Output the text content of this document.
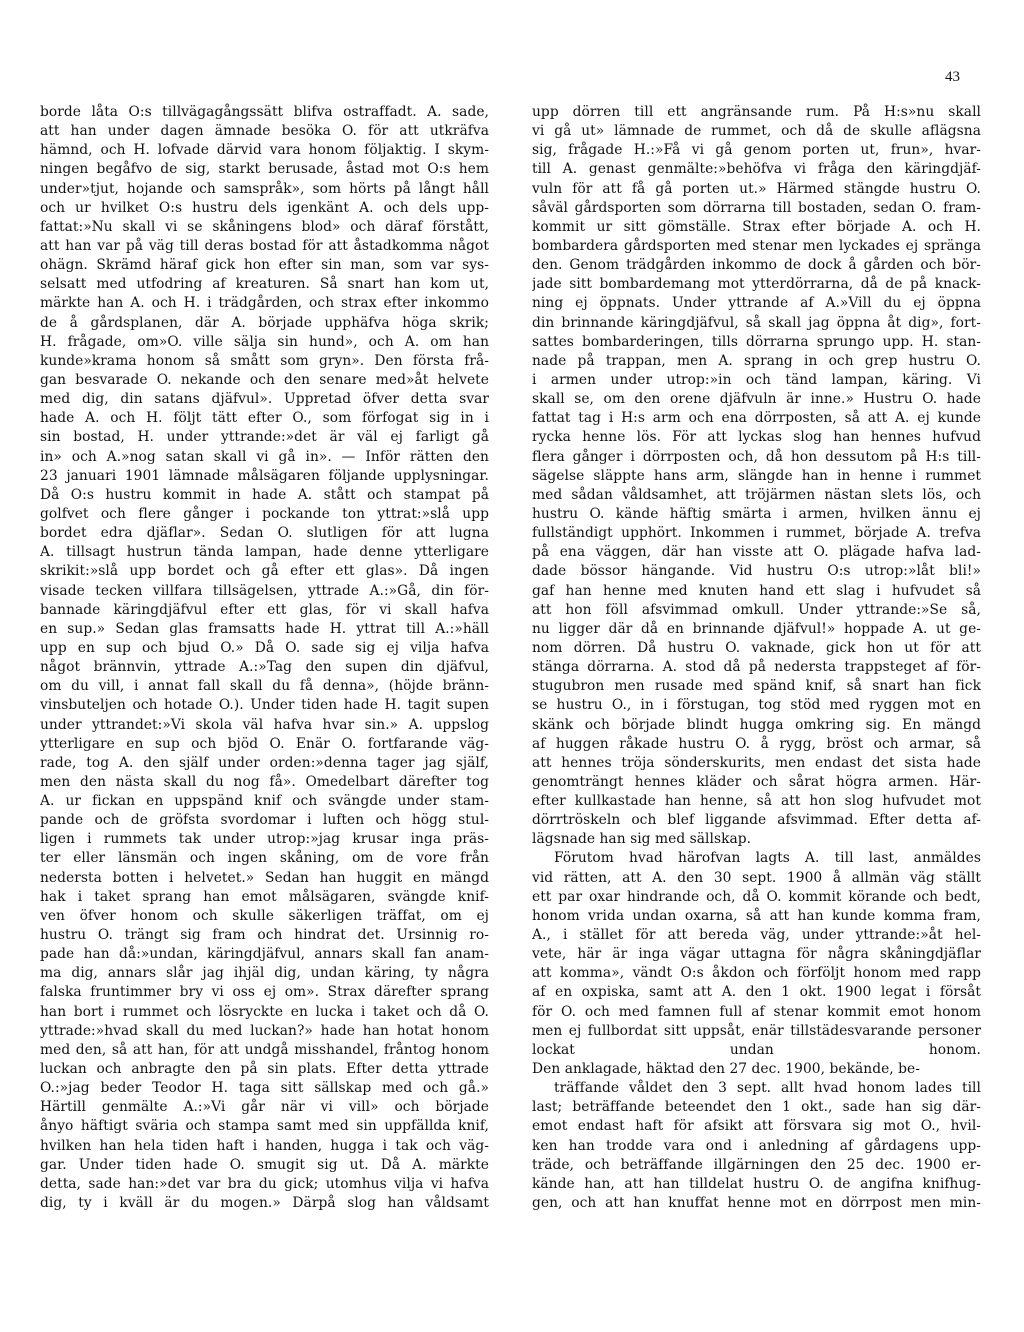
43
borde låta O:s tillvägagångssätt blifva ostraffadt. A. sade,
att han under dagen ämnade besöka O. för att utkräfva
hämnd, och H. lofvade därvid vara honom följaktig. I skym-
ningen begåfvo de sig, starkt berusade, åstad mot O:s hem
under»tjut, hojande och samspråk», som hörts på långt håll
och ur hvilket O:s hustru dels igenkänt A. och dels upp-
fattat:»Nu skall vi se skåningens blod» och däraf förstått,
att han var på väg till deras bostad för att åstadkomma något
ohägn. Skrämd häraf gick hon efter sin man, som var sys-
selsatt med utfodring af kreaturen. Så snart han kom ut,
märkte han A. och H. i trädgården, och strax efter inkommo
de å gårdsplanen, där A. började upphäfva höga skrik;
H. frågade, om»O. ville sälja sin hund», och A. om han
kunde»krama honom så smått som gryn». Den första frå-
gan besvarade O. nekande och den senare med»åt helvete
med dig, din satans djäfvul». Uppretad öfver detta svar
hade A. och H. följt tätt efter O., som förfogat sig in i
sin bostad, H. under yttrande:»det är väl ej farligt gå
in» och A.»nog satan skall vi gå in». — Inför rätten den
23 januari 1901 lämnade målsägaren följande upplysningar.
Då O:s hustru kommit in hade A. stått och stampat på
golfvet och flere gånger i pockande ton yttrat:»slå upp
bordet edra djäflar». Sedan O. slutligen för att lugna
A. tillsagt hustrun tända lampan, hade denne ytterligare
skrikit:»slå upp bordet och gå efter ett glas». Då ingen
visade tecken villfara tillsägelsen, yttrade A.:»Gå, din för-
bannade käringdjäfvul efter ett glas, för vi skall hafva
en sup.» Sedan glas framsatts hade H. yttrat till A.:»häll
upp en sup och bjud O.» Då O. sade sig ej vilja hafva
något brännvin, yttrade A.:»Tag den supen din djäfvul,
om du vill, i annat fall skall du få denna», (höjde bränn-
vinsbuteljen och hotade O.). Under tiden hade H. tagit supen
under yttrandet:»Vi skola väl hafva hvar sin.» A. uppslog
ytterligare en sup och bjöd O. Enär O. fortfarande väg-
rade, tog A. den själf under orden:»denna tager jag själf,
men den nästa skall du nog få». Omedelbart därefter tog
A. ur fickan en uppspänd knif och svängde under stam-
pande och de gröfsta svordomar i luften och högg stul-
ligen i rummets tak under utrop:»jag krusar inga präs-
ter eller länsmän och ingen skåning, om de vore från
nedersta botten i helvetet.» Sedan han huggit en mängd
hak i taket sprang han emot målsägaren, svängde knif-
ven öfver honom och skulle säkerligen träffat, om ej
hustru O. trängt sig fram och hindrat det. Ursinnig ro-
pade han då:»undan, käringdjäfvul, annars skall fan anam-
ma dig, annars slår jag ihjäl dig, undan käring, ty några
falska fruntimmer bry vi oss ej om». Strax därefter sprang
han bort i rummet och lösryckte en lucka i taket och då O.
yttrade:»hvad skall du med luckan?» hade han hotat honom
med den, så att han, för att undgå misshandel, fråntog honom
luckan och anbragte den på sin plats. Efter detta yttrade
O.:»jag beder Teodor H. taga sitt sällskap med och gå.»
Härtill genmälte A.:»Vi går när vi vill» och började
ånyo häftigt sväria och stampa samt med sin uppfällda knif,
hvilken han hela tiden haft i handen, hugga i tak och väg-
gar. Under tiden hade O. smugit sig ut. Då A. märkte
detta, sade han:»det var bra du gick; utomhus vilja vi hafva
dig, ty i kväll är du mogen.» Därpå slog han våldsamt
upp dörren till ett angränsande rum. På H:s»nu skall
vi gå ut» lämnade de rummet, och då de skulle aflägsna
sig, frågade H.:»Få vi gå genom porten ut, frun», hvar-
till A. genast genmälte:»behöfva vi fråga den käringdjäf-
vuln för att få gå porten ut.» Härmed stängde hustru O.
såväl gårdsporten som dörrarna till bostaden, sedan O. fram-
kommit ur sitt gömställe. Strax efter började A. och H.
bombardera gårdsporten med stenar men lyckades ej spränga
den. Genom trädgården inkommo de dock å gården och bör-
jade sitt bombardemang mot ytterdörrarna, då de på knack-
ning ej öppnats. Under yttrande af A.»Vill du ej öppna
din brinnande käringdjäfvul, så skall jag öppna åt dig», fort-
sattes bombarderingen, tills dörrarna sprungo upp. H. stan-
nade på trappan, men A. sprang in och grep hustru O.
i armen under utrop:»in och tänd lampan, käring. Vi
skall se, om den orene djäfvuln är inne.» Hustru O. hade
fattat tag i H:s arm och ena dörrposten, så att A. ej kunde
rycka henne lös. För att lyckas slog han hennes hufvud
flera gånger i dörrposten och, då hon dessutom på H:s till-
sägelse släppte hans arm, slängde han in henne i rummet
med sådan våldsamhet, att tröjärmen nästan slets lös, och
hustru O. kände häftig smärta i armen, hvilken ännu ej
fullständigt upphört. Inkommen i rummet, började A. trefva
på ena väggen, där han visste att O. plägade hafva lad-
dade bössor hängande. Vid hustru O:s utrop:»låt bli!»
gaf han henne med knuten hand ett slag i hufvudet så
att hon föll afsvimmad omkull. Under yttrande:»Se så,
nu ligger där då en brinnande djäfvul!» hoppade A. ut ge-
nom dörren. Då hustru O. vaknade, gick hon ut för att
stänga dörrarna. A. stod då på nedersta trappsteget af för-
stugubron men rusade med spänd knif, så snart han fick
se hustru O., in i förstugan, tog stöd med ryggen mot en
skänk och började blindt hugga omkring sig. En mängd
af huggen råkade hustru O. å rygg, bröst och armar, så
att hennes tröja sönderskurits, men endast det sista hade
genomträngt hennes kläder och sårat högra armen. Här-
efter kullkastade han henne, så att hon slog hufvudet mot
dörrtröskeln och blef liggande afsvimmad. Efter detta af-
lägsnade han sig med sällskap.
Förutom hvad härofvan lagts A. till last, anmäldes
vid rätten, att A. den 30 sept. 1900 å allmän väg ställt
ett par oxar hindrande och, då O. kommit körande och bedt,
honom vrida undan oxarna, så att han kunde komma fram,
A., i stället för att bereda väg, under yttrande:»åt hel-
vete, här är inga vägar uttagna för några skåningdjäflar
att komma», vändt O:s åkdon och förföljt honom med rapp
af en oxpiska, samt att A. den 1 okt. 1900 legat i försåt
för O. och med famnen full af stenar kommit emot honom
men ej fullbordat sitt uppsåt, enär tillstädesvarande personer
lockat undan honom.
Den anklagade, häktad den 27 dec. 1900, bekände, be-
träffande våldet den 3 sept. allt hvad honom lades till
last; beträffande beteendet den 1 okt., sade han sig där-
emot endast haft för afsikt att försvara sig mot O., hvil-
ken han trodde vara ond i anledning af gårdagens upp-
träde, och beträffande illgärningen den 25 dec. 1900 er-
kände han, att han tilldelat hustru O. de angifna knifhug-
gen, och att han knuffat henne mot en dörrpost men min-
